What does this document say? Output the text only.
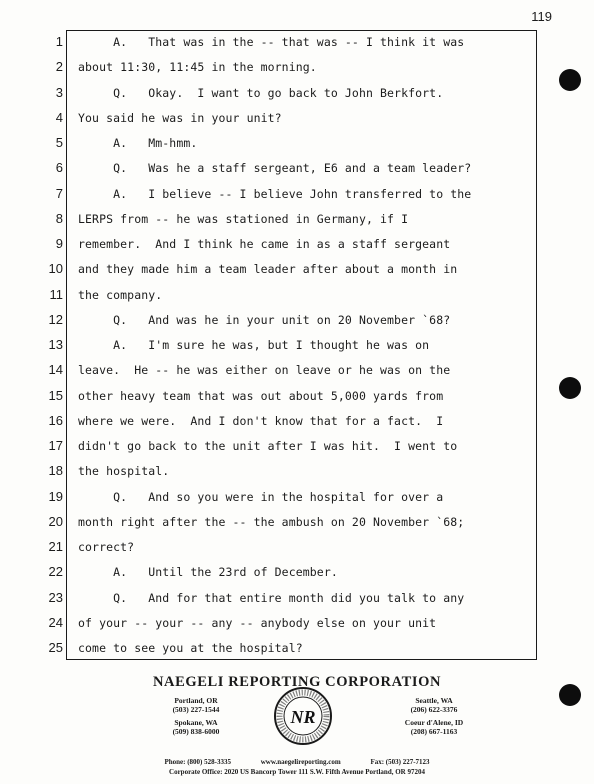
119
1 A.   That was in the -- that was -- I think it was
2 about 11:30, 11:45 in the morning.
3 Q.   Okay.  I want to go back to John Berkfort.
4 You said he was in your unit?
5 A.   Mm-hmm.
6 Q.   Was he a staff sergeant, E6 and a team leader?
7 A.   I believe -- I believe John transferred to the
8 LERPS from -- he was stationed in Germany, if I
9 remember.  And I think he came in as a staff sergeant
10 and they made him a team leader after about a month in
11 the company.
12 Q.   And was he in your unit on 20 November `68?
13 A.   I'm sure he was, but I thought he was on
14 leave.  He -- he was either on leave or he was on the
15 other heavy team that was out about 5,000 yards from
16 where we were.  And I don't know that for a fact.  I
17 didn't go back to the unit after I was hit.  I went to
18 the hospital.
19 Q.   And so you were in the hospital for over a
20 month right after the -- the ambush on 20 November `68;
21 correct?
22 A.   Until the 23rd of December.
23 Q.   And for that entire month did you talk to any
24 of your -- your -- any -- anybody else on your unit
25 come to see you at the hospital?
NAEGELI REPORTING CORPORATION
Portland, OR
(503) 227-1544
Seattle, WA
(206) 622-3376
Spokane, WA
(509) 838-6000
Coeur d'Alene, ID
(208) 667-1163
NR
Phone: (800) 528-3335	www.naegelireporting.com	Fax: (503) 227-7123
Corporate Office: 2020 US Bancorp Tower 111 S.W. Fifth Avenue Portland, OR 97204
